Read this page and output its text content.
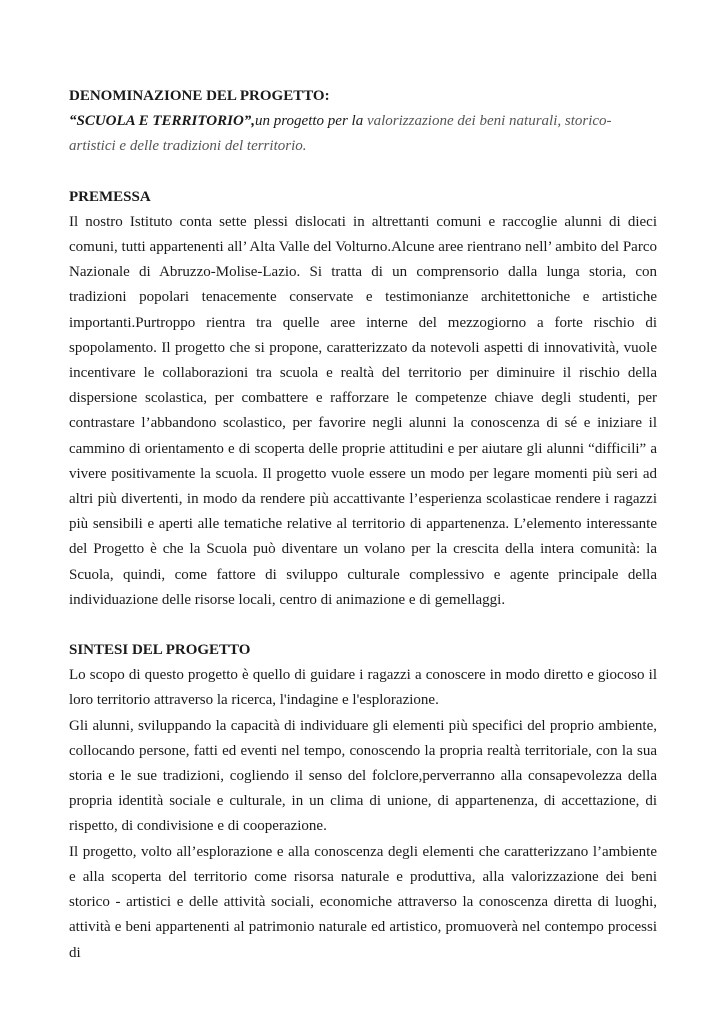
DENOMINAZIONE DEL PROGETTO:
“SCUOLA E TERRITORIO”,un progetto per la valorizzazione dei beni naturali, storico-artistici e delle tradizioni del territorio.
PREMESSA

Il nostro Istituto conta sette plessi dislocati in altrettanti comuni e raccoglie alunni di dieci comuni, tutti appartenenti all’ Alta Valle del Volturno.Alcune aree rientrano nell’ ambito del Parco Nazionale di Abruzzo-Molise-Lazio. Si tratta di un comprensorio dalla lunga storia, con tradizioni popolari tenacemente conservate e testimonianze architettoniche e artistiche importanti.Purtroppo rientra tra quelle aree interne del mezzogiorno a forte rischio di spopolamento. Il progetto che si propone, caratterizzato da notevoli aspetti di innovatività, vuole incentivare le collaborazioni tra scuola e realtà del territorio per diminuire il rischio della dispersione scolastica, per combattere e rafforzare le competenze chiave degli studenti, per contrastare l’abbandono scolastico, per favorire negli alunni la conoscenza di sé e iniziare il cammino di orientamento e di scoperta delle proprie attitudini e per aiutare gli alunni “difficili” a vivere positivamente la scuola. Il progetto vuole essere un modo per legare momenti più seri ad altri più divertenti, in modo da rendere più accattivante l’esperienza scolasticae rendere i ragazzi più sensibili e aperti alle tematiche relative al territorio di appartenenza. L’elemento interessante del Progetto è che la Scuola può diventare un volano per la crescita della intera comunità: la Scuola, quindi, come fattore di sviluppo culturale complessivo e agente principale della individuazione delle risorse locali, centro di animazione e di gemellaggi.

SINTESI DEL PROGETTO

Lo scopo di questo progetto è quello di guidare i ragazzi a conoscere in modo diretto e giocoso il loro territorio attraverso la ricerca, l'indagine e l'esplorazione.

Gli alunni, sviluppando la capacità di individuare gli elementi più specifici del proprio ambiente, collocando persone, fatti ed eventi nel tempo, conoscendo la propria realtà territoriale, con la sua storia e le sue tradizioni, cogliendo il senso del folclore,perverranno alla consapevolezza della propria identità sociale e culturale, in un clima di unione, di appartenenza, di accettazione, di rispetto, di condivisione e di cooperazione.

Il progetto, volto all’esplorazione e alla conoscenza degli elementi che caratterizzano l’ambiente e alla scoperta del territorio come risorsa naturale e produttiva, alla valorizzazione dei beni storico - artistici e delle attività sociali, economiche attraverso la conoscenza diretta di luoghi, attività e beni appartenenti al patrimonio naturale ed artistico, promuoverà nel contempo processi di
